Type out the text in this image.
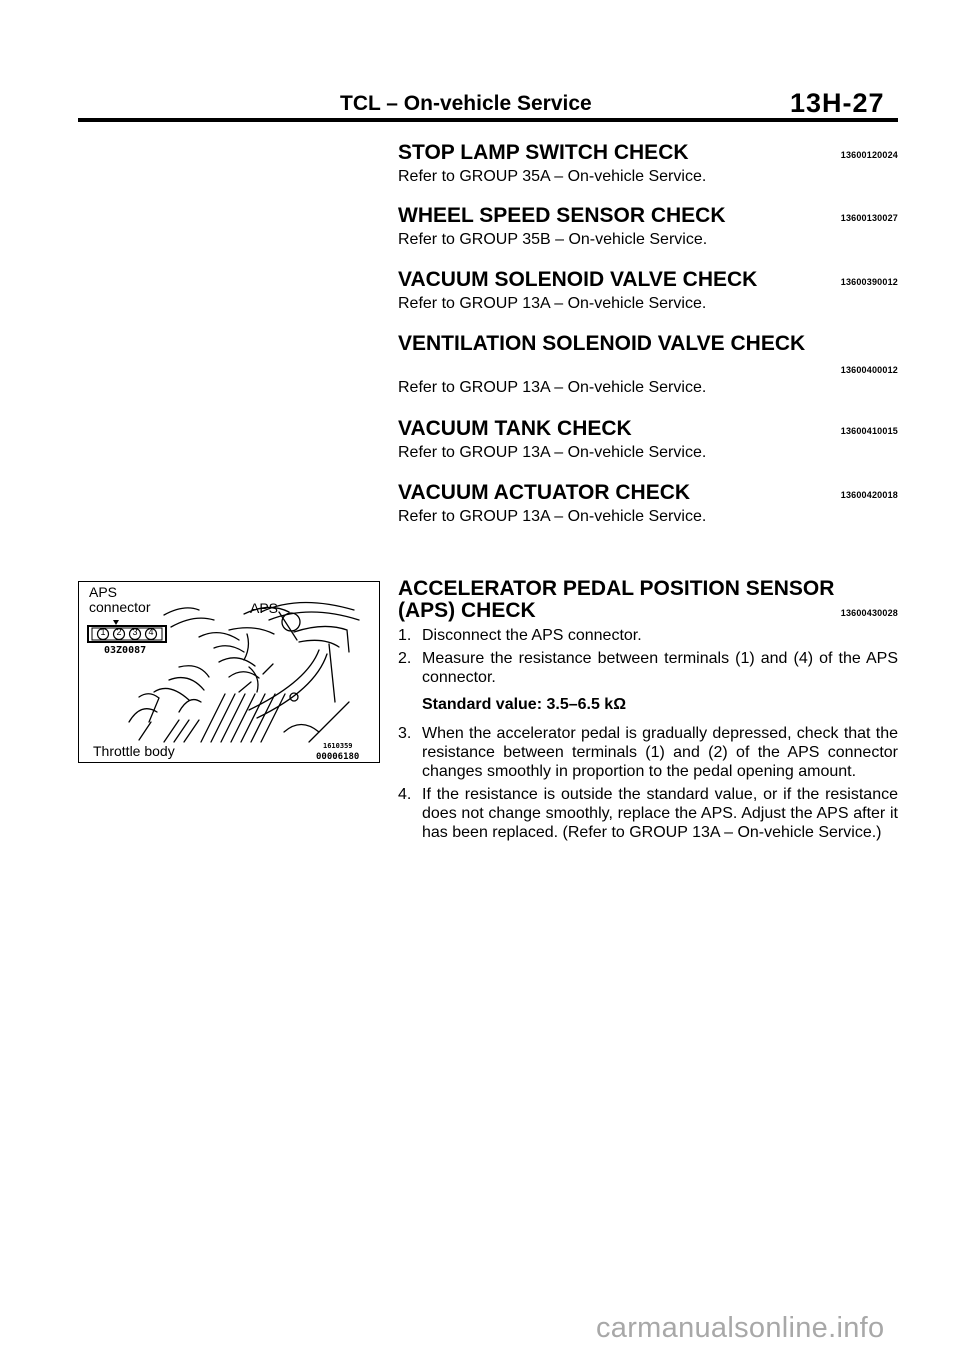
TCL – On-vehicle Service	13H-27
STOP LAMP SWITCH CHECK	13600120024
Refer to GROUP 35A – On-vehicle Service.
WHEEL SPEED SENSOR CHECK	13600130027
Refer to GROUP 35B – On-vehicle Service.
VACUUM SOLENOID VALVE CHECK	13600390012
Refer to GROUP 13A – On-vehicle Service.
VENTILATION SOLENOID VALVE CHECK
13600400012
Refer to GROUP 13A – On-vehicle Service.
VACUUM TANK CHECK	13600410015
Refer to GROUP 13A – On-vehicle Service.
VACUUM ACTUATOR CHECK	13600420018
Refer to GROUP 13A – On-vehicle Service.
ACCELERATOR PEDAL POSITION SENSOR
(APS) CHECK	13600430028
1. Disconnect the APS connector.
2. Measure the resistance between terminals (1) and (4) of the APS connector.
Standard value: 3.5–6.5 kΩ
3. When the accelerator pedal is gradually depressed, check that the resistance between terminals (1) and (2) of the APS connector changes smoothly in proportion to the pedal opening amount.
4. If the resistance is outside the standard value, or if the resistance does not change smoothly, replace the APS. Adjust the APS after it has been replaced. (Refer to GROUP 13A – On-vehicle Service.)
APS
connector	APS
1 2 3 4
03Z0087
Throttle body	1610359
00006180
carmanualsonline.info
